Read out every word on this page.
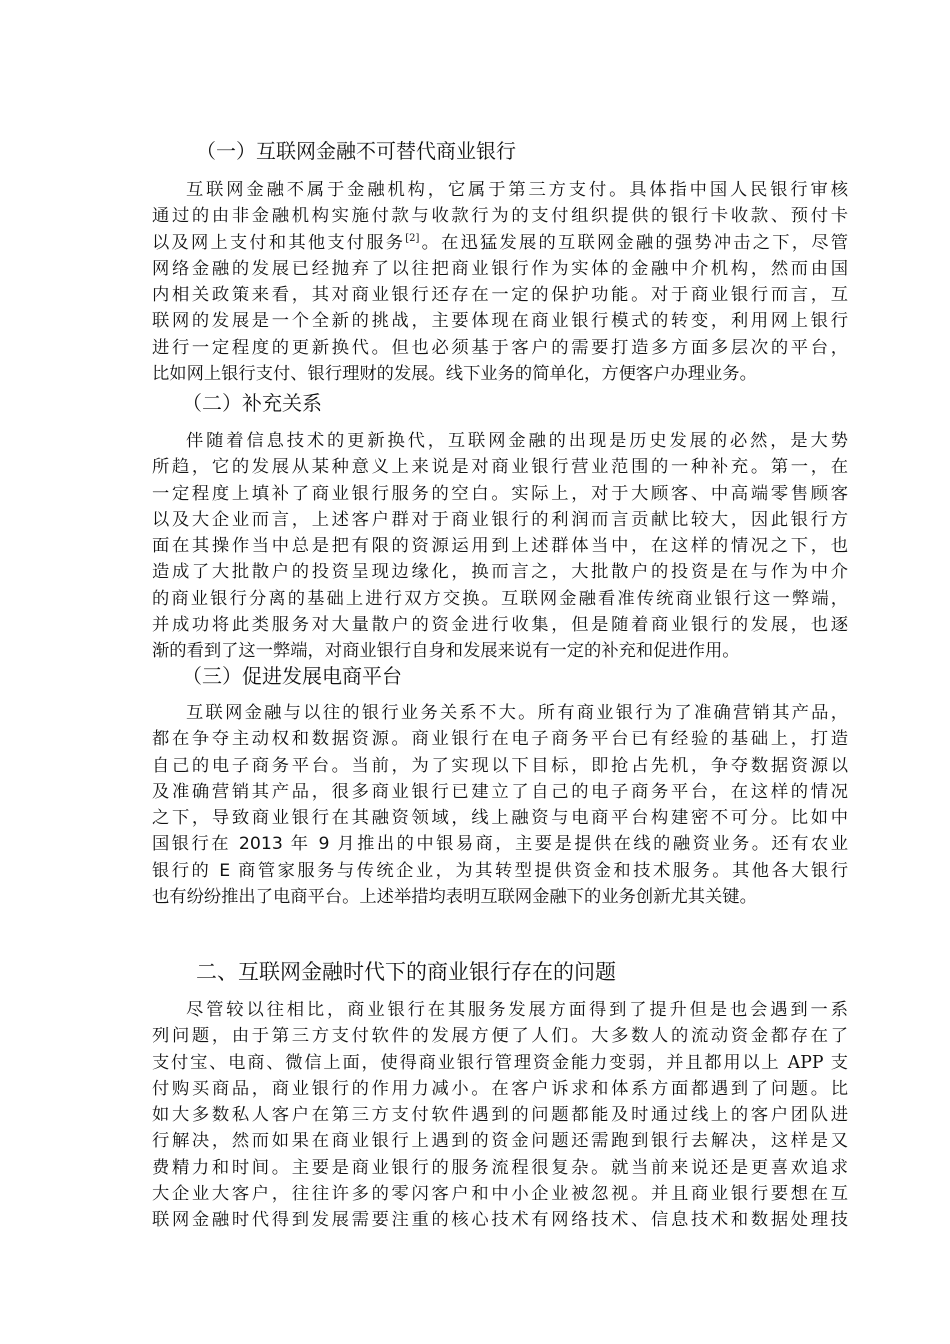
（一）互联网金融不可替代商业银行
互联网金融不属于金融机构，它属于第三方支付。具体指中国人民银行审核
通过的由非金融机构实施付款与收款行为的支付组织提供的银行卡收款、预付卡
以及网上支付和其他支付服务[2]。在迅猛发展的互联网金融的强势冲击之下，尽管
网络金融的发展已经抛弃了以往把商业银行作为实体的金融中介机构，然而由国
内相关政策来看，其对商业银行还存在一定的保护功能。对于商业银行而言，互
联网的发展是一个全新的挑战，主要体现在商业银行模式的转变，利用网上银行
进行一定程度的更新换代。但也必须基于客户的需要打造多方面多层次的平台，
比如网上银行支付、银行理财的发展。线下业务的简单化，方便客户办理业务。
（二）补充关系
伴随着信息技术的更新换代，互联网金融的出现是历史发展的必然，是大势
所趋，它的发展从某种意义上来说是对商业银行营业范围的一种补充。第一，在
一定程度上填补了商业银行服务的空白。实际上，对于大顾客、中高端零售顾客
以及大企业而言，上述客户群对于商业银行的利润而言贡献比较大，因此银行方
面在其操作当中总是把有限的资源运用到上述群体当中，在这样的情况之下，也
造成了大批散户的投资呈现边缘化，换而言之，大批散户的投资是在与作为中介
的商业银行分离的基础上进行双方交换。互联网金融看准传统商业银行这一弊端，
并成功将此类服务对大量散户的资金进行收集，但是随着商业银行的发展，也逐
渐的看到了这一弊端，对商业银行自身和发展来说有一定的补充和促进作用。
（三）促进发展电商平台
互联网金融与以往的银行业务关系不大。所有商业银行为了准确营销其产品，
都在争夺主动权和数据资源。商业银行在电子商务平台已有经验的基础上，打造
自己的电子商务平台。当前，为了实现以下目标，即抢占先机，争夺数据资源以
及准确营销其产品，很多商业银行已建立了自己的电子商务平台，在这样的情况
之下，导致商业银行在其融资领域，线上融资与电商平台构建密不可分。比如中
国银行在 2013 年 9 月推出的中银易商，主要是提供在线的融资业务。还有农业
银行的 E 商管家服务与传统企业，为其转型提供资金和技术服务。其他各大银行
也有纷纷推出了电商平台。上述举措均表明互联网金融下的业务创新尤其关键。
二、互联网金融时代下的商业银行存在的问题
尽管较以往相比，商业银行在其服务发展方面得到了提升但是也会遇到一系
列问题，由于第三方支付软件的发展方便了人们。大多数人的流动资金都存在了
支付宝、电商、微信上面，使得商业银行管理资金能力变弱，并且都用以上 APP 支
付购买商品，商业银行的作用力减小。在客户诉求和体系方面都遇到了问题。比
如大多数私人客户在第三方支付软件遇到的问题都能及时通过线上的客户团队进
行解决，然而如果在商业银行上遇到的资金问题还需跑到银行去解决，这样是又
费精力和时间。主要是商业银行的服务流程很复杂。就当前来说还是更喜欢追求
大企业大客户，往往许多的零闪客户和中小企业被忽视。并且商业银行要想在互
联网金融时代得到发展需要注重的核心技术有网络技术、信息技术和数据处理技
